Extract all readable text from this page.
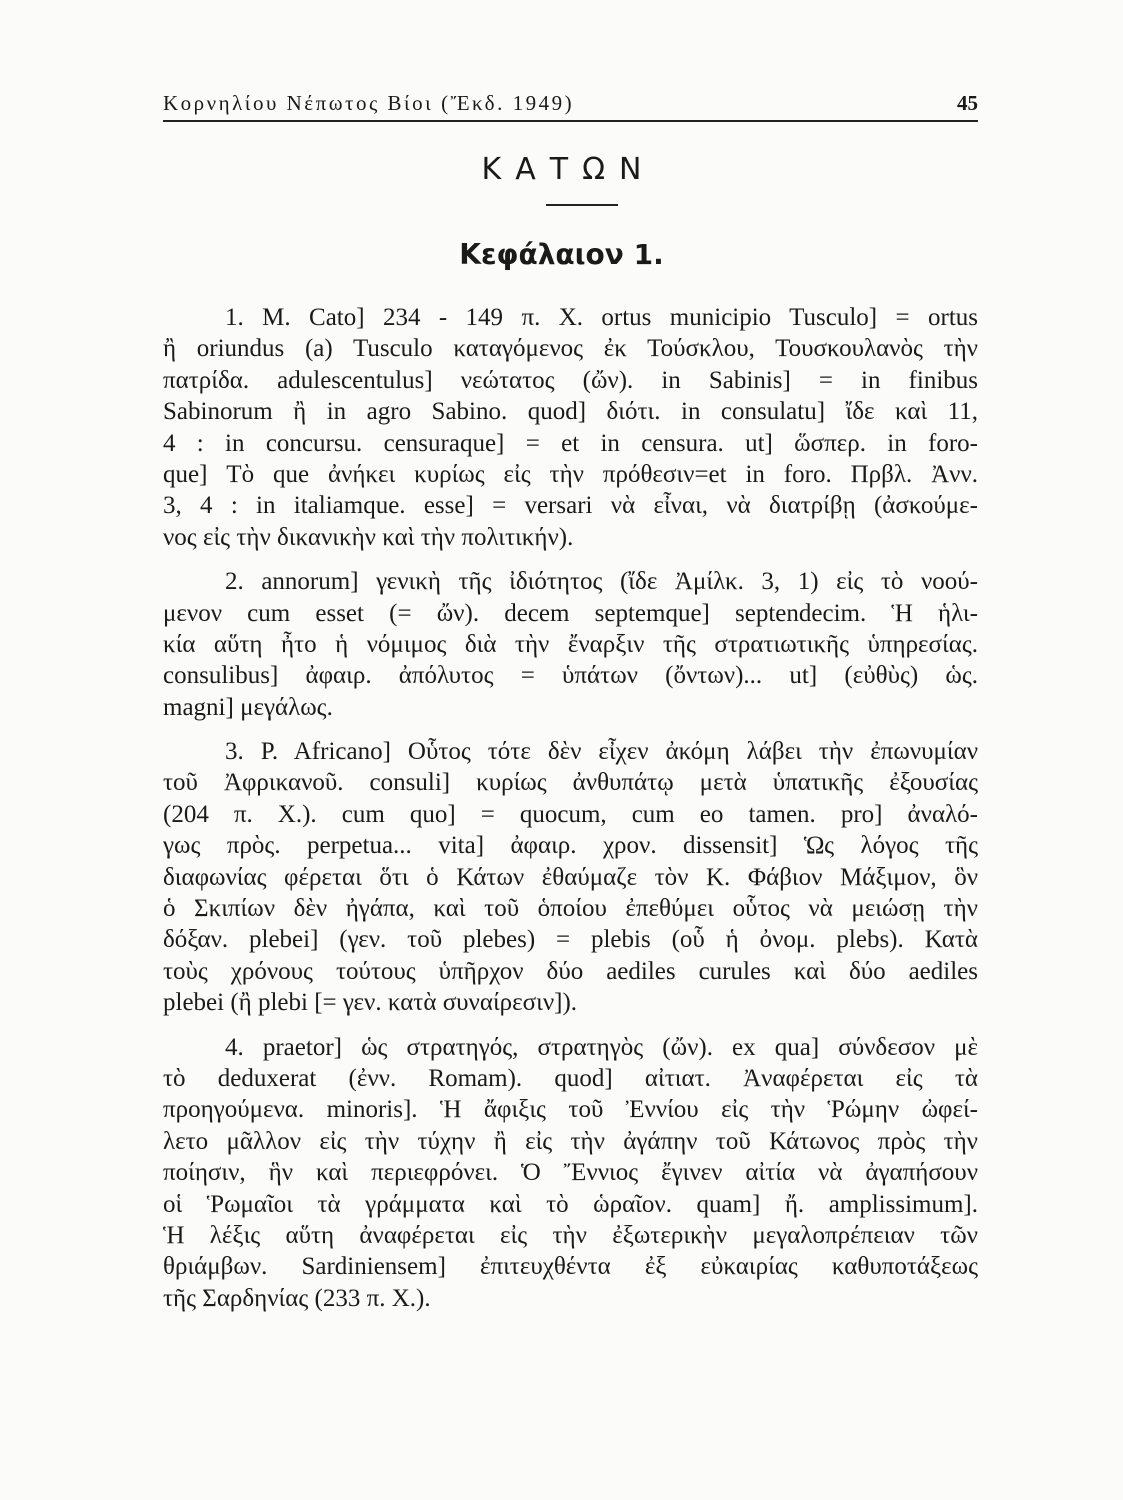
Κορνηλίου Νέπωτος Βίοι (Ἔκδ. 1949)	45
ΚΑΤΩΝ
Κεφάλαιον 1.
1. M. Cato] 234 - 149 π. X. ortus municipio Tusculo] = ortus
ἢ oriundus (a) Tusculo καταγόμενος ἐκ Τούσκλου, Τουσκουλανὸς τὴν
πατρίδα. adulescentulus] νεώτατος (ὤν). in Sabinis] = in finibus
Sabinorum ἢ in agro Sabino. quod] διότι. in consulatu] ἴδε καὶ 11,
4 : in concursu. censuraque] = et in censura. ut] ὥσπερ. in foro-
que] Τὸ que ἀνήκει κυρίως εἰς τὴν πρόθεσιν=et in foro. Πρβλ. Ἀνν.
3, 4 : in italiamque. esse] = versari νὰ εἶναι, νὰ διατρίβῃ (ἀσκούμε-
νος εἰς τὴν δικανικὴν καὶ τὴν πολιτικήν).
2. annorum] γενικὴ τῆς ἰδιότητος (ἴδε Ἀμίλκ. 3, 1) εἰς τὸ νοού-
μενον cum esset (= ὤν). decem septemque] septendecim. Ἡ ἡλι-
κία αὕτη ἦτο ἡ νόμιμος διὰ τὴν ἔναρξιν τῆς στρατιωτικῆς ὑπηρεσίας.
consulibus] ἀφαιρ. ἀπόλυτος = ὑπάτων (ὄντων)... ut] (εὐθὺς) ὡς.
magni] μεγάλως.
3. P. Africano] Οὗτος τότε δὲν εἶχεν ἀκόμη λάβει τὴν ἐπωνυμίαν
τοῦ Ἀφρικανοῦ. consuli] κυρίως ἀνθυπάτῳ μετὰ ὑπατικῆς ἐξουσίας
(204 π. X.). cum quo] = quocum, cum eo tamen. pro] ἀναλό-
γως πρὸς. perpetua... vita] ἀφαιρ. χρον. dissensit] Ὡς λόγος τῆς
διαφωνίας φέρεται ὅτι ὁ Κάτων ἐθαύμαζε τὸν Κ. Φάβιον Μάξιμον, ὃν
ὁ Σκιπίων δὲν ἠγάπα, καὶ τοῦ ὁποίου ἐπεθύμει οὗτος νὰ μειώσῃ τὴν
δόξαν. plebei] (γεν. τοῦ plebes) = plebis (οὗ ἡ ὀνομ. plebs). Κατὰ
τοὺς χρόνους τούτους ὑπῆρχον δύο aediles curules καὶ δύο aediles
plebei (ἢ plebi [= γεν. κατὰ συναίρεσιν]).
4. praetor] ὡς στρατηγός, στρατηγὸς (ὤν). ex qua] σύνδεσον μὲ
τὸ deduxerat (ἐνν. Romam). quod] αἰτιατ. Ἀναφέρεται εἰς τὰ
προηγούμενα. minoris]. Ἡ ἄφιξις τοῦ Ἐννίου εἰς τὴν Ῥώμην ὠφεί-
λετο μᾶλλον εἰς τὴν τύχην ἢ εἰς τὴν ἀγάπην τοῦ Κάτωνος πρὸς τὴν
ποίησιν, ἣν καὶ περιεφρόνει. Ὁ Ἔννιος ἔγινεν αἰτία νὰ ἀγαπήσουν
οἱ Ῥωμαῖοι τὰ γράμματα καὶ τὸ ὡραῖον. quam] ἤ. amplissimum].
Ἡ λέξις αὕτη ἀναφέρεται εἰς τὴν ἐξωτερικὴν μεγαλοπρέπειαν τῶν
θριάμβων. Sardiniensem] ἐπιτευχθέντα ἐξ εὐκαιρίας καθυποτάξεως
τῆς Σαρδηνίας (233 π. X.).
